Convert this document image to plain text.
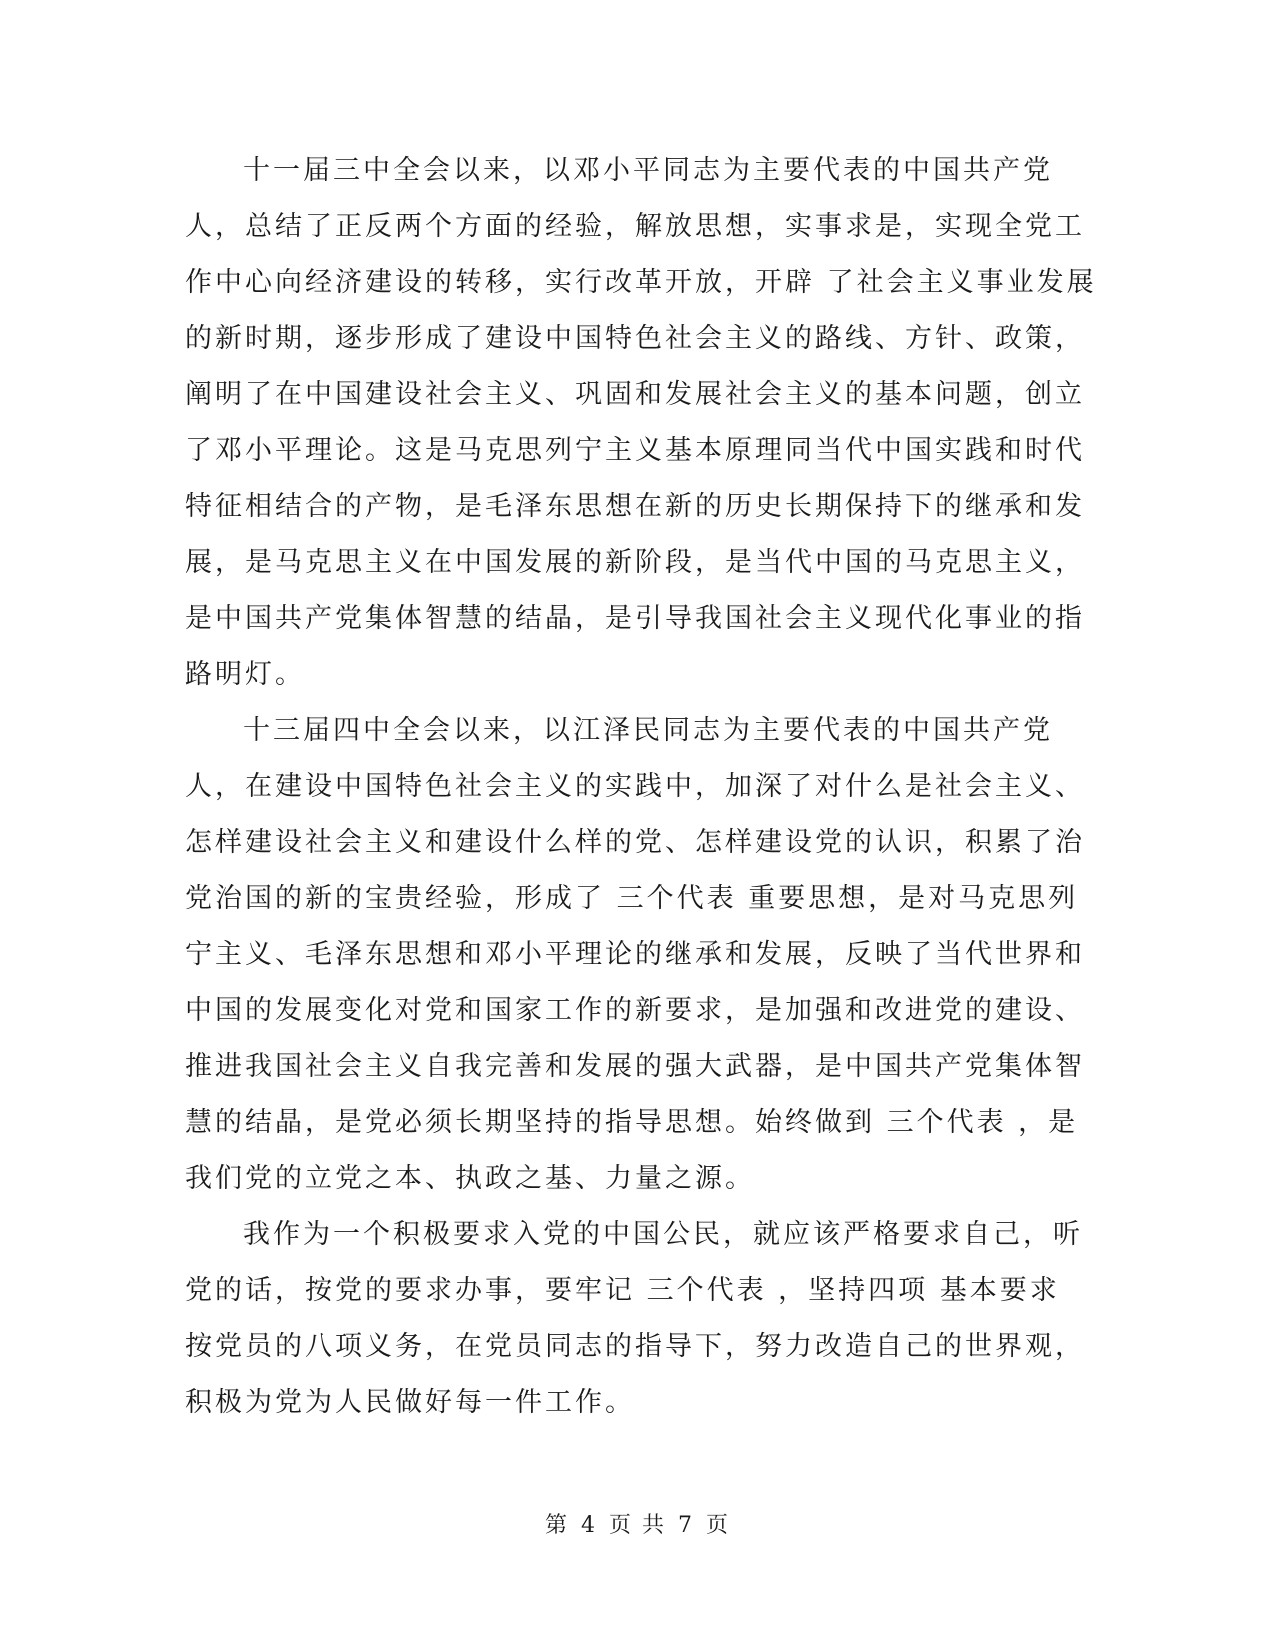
十一届三中全会以来，以邓小平同志为主要代表的中国共产党
人，总结了正反两个方面的经验，解放思想，实事求是，实现全党工
作中心向经济建设的转移，实行改革开放，开辟 了社会主义事业发展
的新时期，逐步形成了建设中国特色社会主义的路线、方针、政策，
阐明了在中国建设社会主义、巩固和发展社会主义的基本问题，创立
了邓小平理论。这是马克思列宁主义基本原理同当代中国实践和时代
特征相结合的产物，是毛泽东思想在新的历史长期保持下的继承和发
展，是马克思主义在中国发展的新阶段，是当代中国的马克思主义，
是中国共产党集体智慧的结晶，是引导我国社会主义现代化事业的指
路明灯。
十三届四中全会以来，以江泽民同志为主要代表的中国共产党
人，在建设中国特色社会主义的实践中，加深了对什么是社会主义、
怎样建设社会主义和建设什么样的党、怎样建设党的认识，积累了治
党治国的新的宝贵经验，形成了 三个代表 重要思想，是对马克思列
宁主义、毛泽东思想和邓小平理论的继承和发展，反映了当代世界和
中国的发展变化对党和国家工作的新要求，是加强和改进党的建设、
推进我国社会主义自我完善和发展的强大武器，是中国共产党集体智
慧的结晶，是党必须长期坚持的指导思想。始终做到 三个代表 ，是
我们党的立党之本、执政之基、力量之源。
我作为一个积极要求入党的中国公民，就应该严格要求自己，听
党的话，按党的要求办事，要牢记 三个代表 ，坚持四项 基本要求
按党员的八项义务，在党员同志的指导下，努力改造自己的世界观，
积极为党为人民做好每一件工作。
第 4 页 共 7 页
